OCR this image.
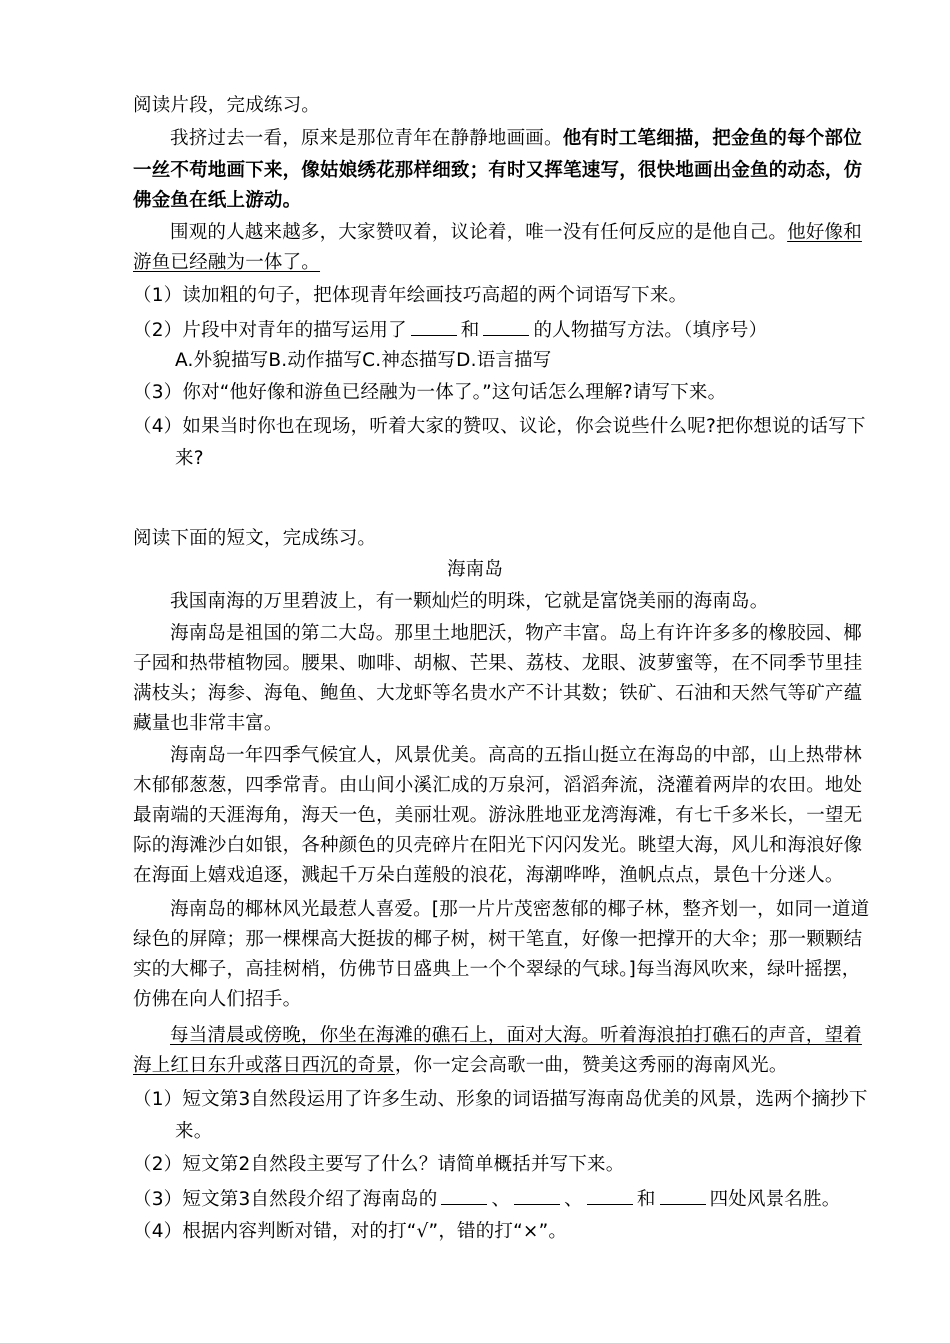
阅读片段，完成练习。
我挤过去一看，原来是那位青年在静静地画画。他有时工笔细描，把金鱼的每个部位
一丝不苟地画下来，像姑娘绣花那样细致；有时又挥笔速写，很快地画出金鱼的动态，仿
佛金鱼在纸上游动。
围观的人越来越多，大家赞叹着，议论着，唯一没有任何反应的是他自己。他好像和
游鱼已经融为一体了。
（1）读加粗的句子，把体现青年绘画技巧高超的两个词语写下来。
（2）片段中对青年的描写运用了	和	的人物描写方法。（填序号）
A.外貌描写B.动作描写C.神态描写D.语言描写
（3）你对“他好像和游鱼已经融为一体了。”这句话怎么理解?请写下来。
（4）如果当时你也在现场，听着大家的赞叹、议论，你会说些什么呢?把你想说的话写下
来?
阅读下面的短文，完成练习。
海南岛
我国南海的万里碧波上，有一颗灿烂的明珠，它就是富饶美丽的海南岛。
海南岛是祖国的第二大岛。那里土地肥沃，物产丰富。岛上有许许多多的橡胶园、椰
子园和热带植物园。腰果、咖啡、胡椒、芒果、荔枝、龙眼、波萝蜜等，在不同季节里挂
满枝头；海参、海龟、鲍鱼、大龙虾等名贵水产不计其数；铁矿、石油和天然气等矿产蕴
藏量也非常丰富。
海南岛一年四季气候宜人，风景优美。高高的五指山挺立在海岛的中部，山上热带林
木郁郁葱葱，四季常青。由山间小溪汇成的万泉河，滔滔奔流，浇灌着两岸的农田。地处
最南端的天涯海角，海天一色，美丽壮观。游泳胜地亚龙湾海滩，有七千多米长，一望无
际的海滩沙白如银，各种颜色的贝壳碎片在阳光下闪闪发光。眺望大海，风儿和海浪好像
在海面上嬉戏追逐，溅起千万朵白莲般的浪花，海潮哗哗，渔帆点点，景色十分迷人。
海南岛的椰林风光最惹人喜爱。[那一片片茂密葱郁的椰子林，整齐划一，如同一道道
绿色的屏障；那一棵棵高大挺拔的椰子树，树干笔直，好像一把撑开的大伞；那一颗颗结
实的大椰子，高挂树梢，仿佛节日盛典上一个个翠绿的气球。]每当海风吹来，绿叶摇摆，
仿佛在向人们招手。
每当清晨或傍晚，你坐在海滩的礁石上，面对大海。听着海浪拍打礁石的声音，望着
海上红日东升或落日西沉的奇景，你一定会高歌一曲，赞美这秀丽的海南风光。
（1）短文第3自然段运用了许多生动、形象的词语描写海南岛优美的风景，选两个摘抄下
来。
（2）短文第2自然段主要写了什么？请简单概括并写下来。
（3）短文第3自然段介绍了海南岛的	、	、	和	四处风景名胜。
（4）根据内容判断对错，对的打“√”，错的打“×”。
